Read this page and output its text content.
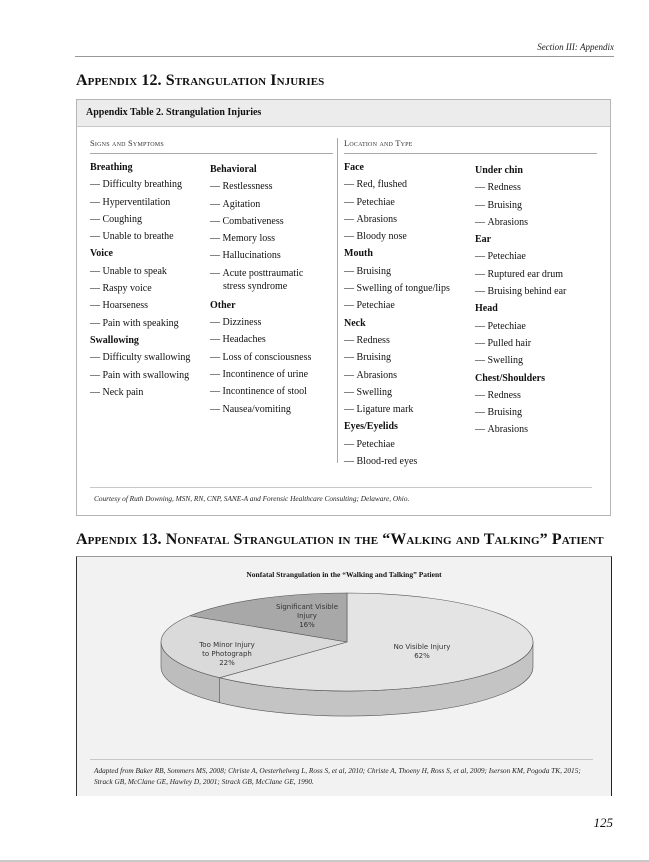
Section III: Appendix
Appendix 12. Strangulation Injuries
Appendix Table 2. Strangulation Injuries
Signs and Symptoms	Location and Type
Breathing
— Difficulty breathing
— Hyperventilation
— Coughing
— Unable to breathe
Voice
— Unable to speak
— Raspy voice
— Hoarseness
— Pain with speaking
Swallowing
— Difficulty swallowing
— Pain with swallowing
— Neck pain
Behavioral
— Restlessness
— Agitation
— Combativeness
— Memory loss
— Hallucinations
— Acute posttraumatic
stress syndrome
Other
— Dizziness
— Headaches
— Loss of consciousness
— Incontinence of urine
— Incontinence of stool
— Nausea/vomiting
Face
— Red, flushed
— Petechiae
— Abrasions
— Bloody nose
Mouth
— Bruising
— Swelling of tongue/lips
— Petechiae
Neck
— Redness
— Bruising
— Abrasions
— Swelling
— Ligature mark
Eyes/Eyelids
— Petechiae
— Blood-red eyes
Under chin
— Redness
— Bruising
— Abrasions
Ear
— Petechiae
— Ruptured ear drum
— Bruising behind ear
Head
— Petechiae
— Pulled hair
— Swelling
Chest/Shoulders
— Redness
— Bruising
— Abrasions
Courtesy of Ruth Downing, MSN, RN, CNP, SANE-A and Forensic Healthcare Consulting; Delaware, Ohio.
Appendix 13. Nonfatal Strangulation in the “Walking and Talking” Patient
Nonfatal Strangulation in the “Walking and Talking” Patient
No Visible Injury 62%
Too Minor Injury to Photograph 22%
Significant Visible Injury 16%
Adapted from Baker RB, Sommers MS, 2008; Christe A, Oesterhelweg L, Ross S, et al, 2010; Christe A, Thoeny H, Ross S, et al, 2009; Iserson KM, Pogoda TK, 2015; Strack GB, McClane GE, Hawley D, 2001; Strack GB, McClane GE, 1990.
125
